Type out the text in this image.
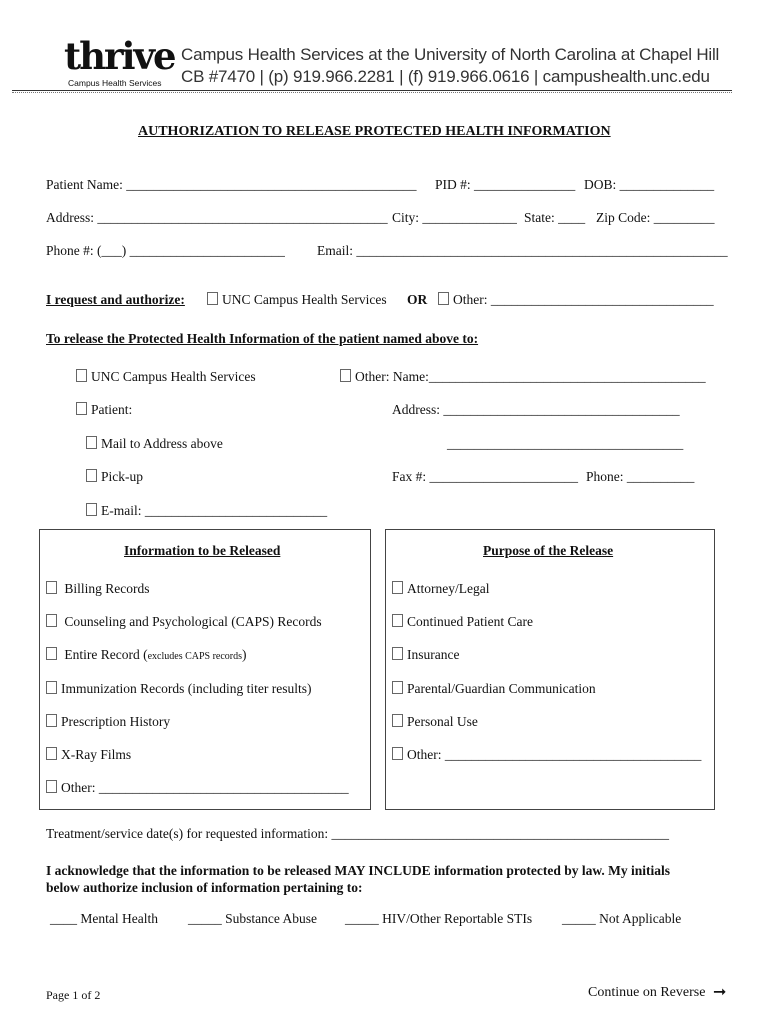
thrive
Campus Health Services
Campus Health Services at the University of North Carolina at Chapel Hill
CB #7470 | (p) 919.966.2281 | (f) 919.966.0616 | campushealth.unc.edu
AUTHORIZATION TO RELEASE PROTECTED HEALTH INFORMATION
Patient Name: ___________________________________________ PID #: _______________ DOB: ______________
Address: ___________________________________________ City: ______________ State: ____ Zip Code: _________
Phone #: (___) _______________________ Email: _______________________________________________________
I request and authorize:	UNC Campus Health Services OR	Other: _________________________________
To release the Protected Health Information of the patient named above to:
UNC Campus Health Services	Other: Name:_________________________________________
Patient:	Address: ___________________________________
Mail to Address above	___________________________________
Pick-up	Fax #: ______________________ Phone: __________
E-mail: ___________________________
Information to be Released
Billing Records
Counseling and Psychological (CAPS) Records
Entire Record (excludes CAPS records)
Immunization Records (including titer results)
Prescription History
X-Ray Films
Other: _____________________________________
Purpose of the Release
Attorney/Legal
Continued Patient Care
Insurance
Parental/Guardian Communication
Personal Use
Other: ______________________________________
Treatment/service date(s) for requested information: __________________________________________________
I acknowledge that the information to be released MAY INCLUDE information protected by law. My initials
below authorize inclusion of information pertaining to:
____ Mental Health _____ Substance Abuse _____ HIV/Other Reportable STIs _____ Not Applicable
Page 1 of 2	Continue on Reverse ➞
